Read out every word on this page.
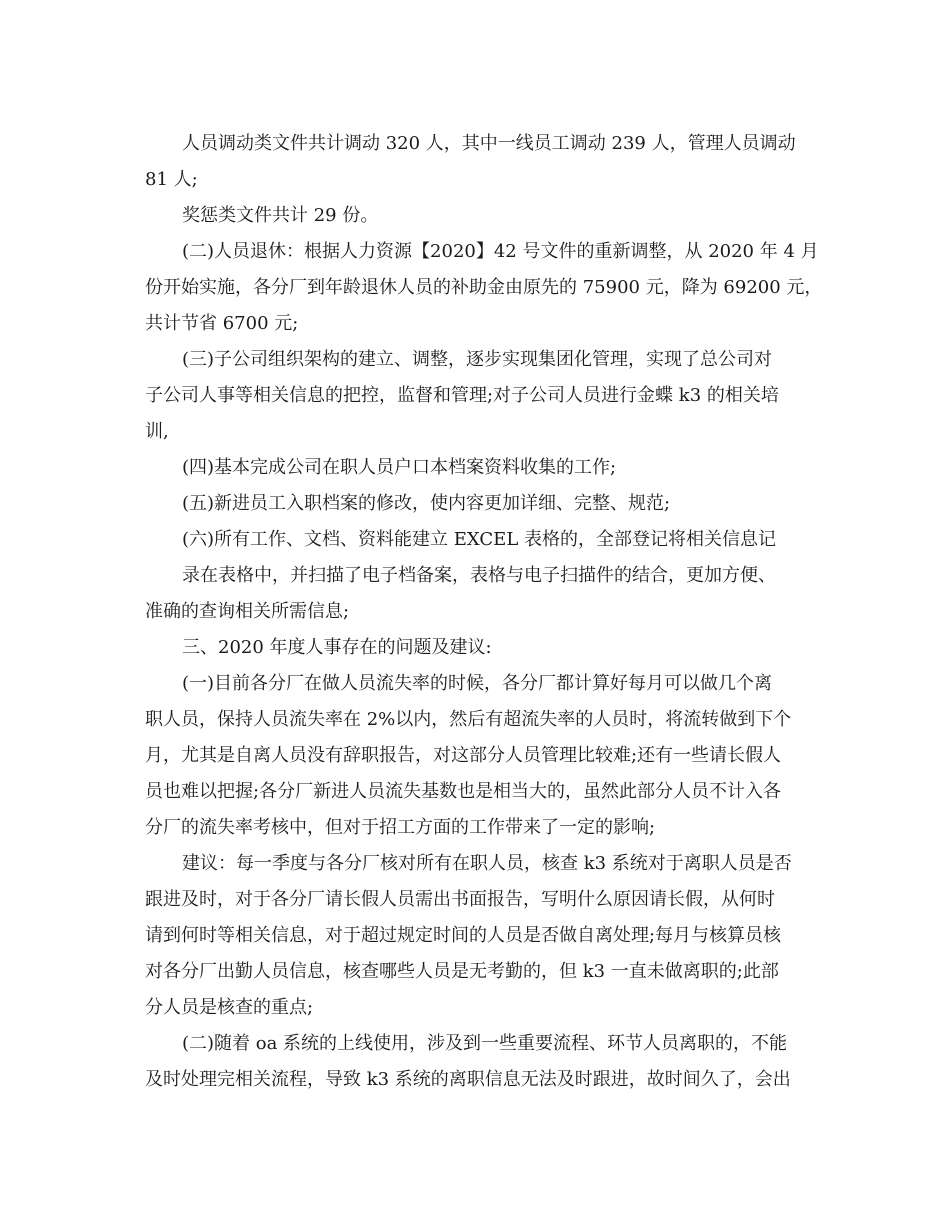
人员调动类文件共计调动 320 人，其中一线员工调动 239 人，管理人员调动
81 人;
奖惩类文件共计 29 份。
(二)人员退休：根据人力资源【2020】42 号文件的重新调整，从 2020 年 4 月
份开始实施，各分厂到年龄退休人员的补助金由原先的 75900 元，降为 69200 元，
共计节省 6700 元;
(三)子公司组织架构的建立、调整，逐步实现集团化管理，实现了总公司对
子公司人事等相关信息的把控，监督和管理;对子公司人员进行金蝶 k3 的相关培
训,
(四)基本完成公司在职人员户口本档案资料收集的工作;
(五)新进员工入职档案的修改，使内容更加详细、完整、规范;
(六)所有工作、文档、资料能建立 EXCEL 表格的，全部登记将相关信息记
录在表格中，并扫描了电子档备案，表格与电子扫描件的结合，更加方便、
准确的查询相关所需信息;
三、2020 年度人事存在的问题及建议:
(一)目前各分厂在做人员流失率的时候，各分厂都计算好每月可以做几个离
职人员，保持人员流失率在 2%以内，然后有超流失率的人员时，将流转做到下个
月，尤其是自离人员没有辞职报告，对这部分人员管理比较难;还有一些请长假人
员也难以把握;各分厂新进人员流失基数也是相当大的，虽然此部分人员不计入各
分厂的流失率考核中，但对于招工方面的工作带来了一定的影响;
建议：每一季度与各分厂核对所有在职人员，核查 k3 系统对于离职人员是否
跟进及时，对于各分厂请长假人员需出书面报告，写明什么原因请长假，从何时
请到何时等相关信息，对于超过规定时间的人员是否做自离处理;每月与核算员核
对各分厂出勤人员信息，核查哪些人员是无考勤的，但 k3 一直未做离职的;此部
分人员是核查的重点;
(二)随着 oa 系统的上线使用，涉及到一些重要流程、环节人员离职的，不能
及时处理完相关流程，导致 k3 系统的离职信息无法及时跟进，故时间久了，会出
